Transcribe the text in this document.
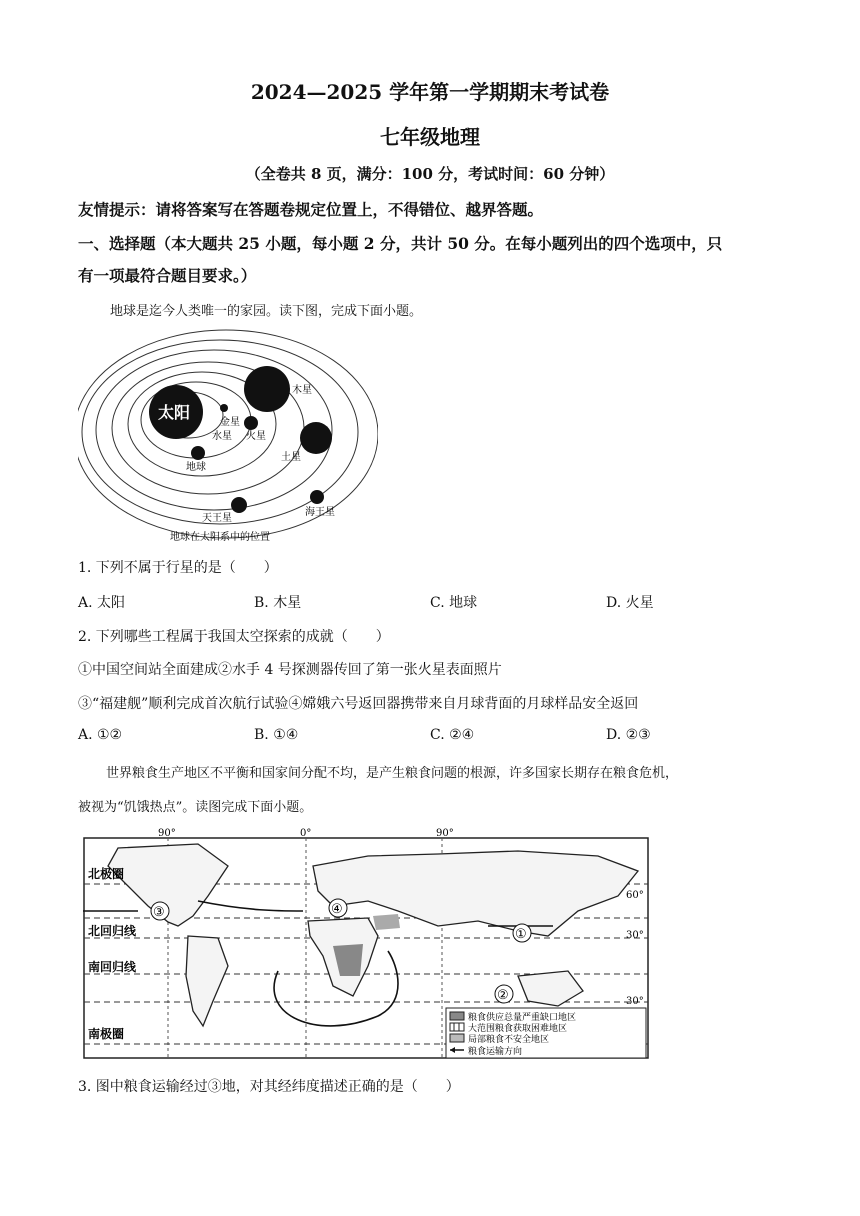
2024—2025 学年第一学期期末考试卷
七年级地理
（全卷共 8 页，满分：100 分，考试时间：60 分钟）
友情提示：请将答案写在答题卷规定位置上，不得错位、越界答题。
一、选择题（本大题共 25 小题，每小题 2 分，共计 50 分。在每小题列出的四个选项中，只
有一项最符合题目要求。）
地球是迄今人类唯一的家园。读下图，完成下面小题。
太阳
金星
水星
地球
火星
木星
土星
天王星
海王星
地球在太阳系中的位置
1. 下列不属于行星的是（　　）
A. 太阳	B. 木星	C. 地球	D. 火星
2. 下列哪些工程属于我国太空探索的成就（　　）
①中国空间站全面建成②水手 4 号探测器传回了第一张火星表面照片
③“福建舰”顺利完成首次航行试验④嫦娥六号返回器携带来自月球背面的月球样品安全返回
A. ①②	B. ①④	C. ②④	D. ②③
世界粮食生产地区不平衡和国家间分配不均，是产生粮食问题的根源，许多国家长期存在粮食危机，
被视为“饥饿热点”。读图完成下面小题。
90°	0°	90°
③	④
①
②
北极圈
北回归线
南回归线
南极圈
60°
30°
30°
粮食供应总量严重缺口地区
大范围粮食获取困难地区
局部粮食不安全地区
粮食运输方向
3. 图中粮食运输经过③地，对其经纬度描述正确的是（　　）
